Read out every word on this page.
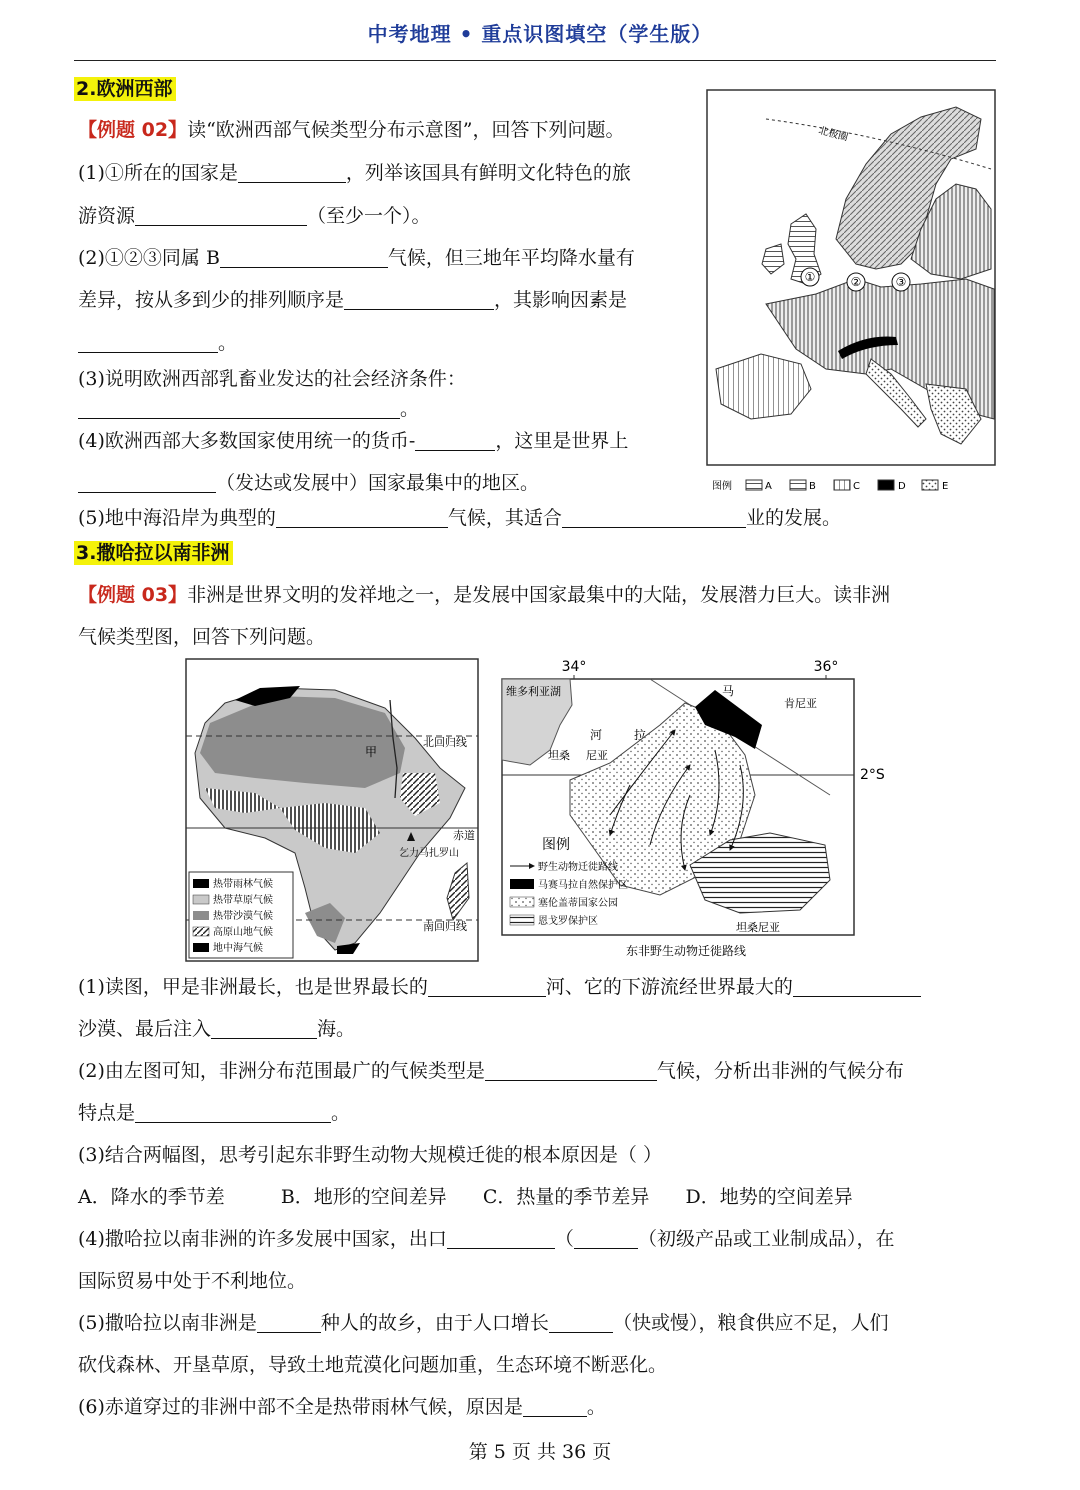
中考地理 • 重点识图填空（学生版）
2.欧洲西部
【例题 02】读“欧洲西部气候类型分布示意图”，回答下列问题。
(1)①所在的国家是	，列举该国具有鲜明文化特色的旅
游资源	（至少一个）。
(2)①②③同属 B	气候，但三地年平均降水量有
差异，按从多到少的排列顺序是	，其影响因素是
。
(3)说明欧洲西部乳畜业发达的社会经济条件：
。
(4)欧洲西部大多数国家使用统一的货币-	，这里是世界上
（发达或发展中）国家最集中的地区。
(5)地中海沿岸为典型的	气候，其适合	业的发展。
北极圈
①	②	③
图例	A	B	C	D	E
3.撒哈拉以南非洲
【例题 03】非洲是世界文明的发祥地之一，是发展中国家最集中的大陆，发展潜力巨大。读非洲
气候类型图，回答下列问题。
甲
北回归线
赤道
乞力马扎罗山
南回归线
热带雨林气候
热带草原气候
热带沙漠气候
高原山地气候
地中海气候
34°	36°
维多利亚湖
2°S
马
肯尼亚
河	拉
坦桑 尼亚
坦桑尼亚
图例
野生动物迁徙路线
马赛马拉自然保护区
塞伦盖蒂国家公园
恩戈罗保护区
东非野生动物迁徙路线
(1)读图，甲是非洲最长，也是世界最长的	河、它的下游流经世界最大的
沙漠、最后注入	海。
(2)由左图可知，非洲分布范围最广的气候类型是	气候，分析出非洲的气候分布
特点是	。
(3)结合两幅图，思考引起东非野生动物大规模迁徙的根本原因是（ ）
A．降水的季节差	B．地形的空间差异 C．热量的季节差异 D．地势的空间差异
(4)撒哈拉以南非洲的许多发展中国家，出口	（	（初级产品或工业制成品），在
国际贸易中处于不利地位。
(5)撒哈拉以南非洲是	种人的故乡，由于人口增长	（快或慢），粮食供应不足，人们
砍伐森林、开垦草原，导致土地荒漠化问题加重，生态环境不断恶化。
(6)赤道穿过的非洲中部不全是热带雨林气候，原因是	。
第 5 页 共 36 页
